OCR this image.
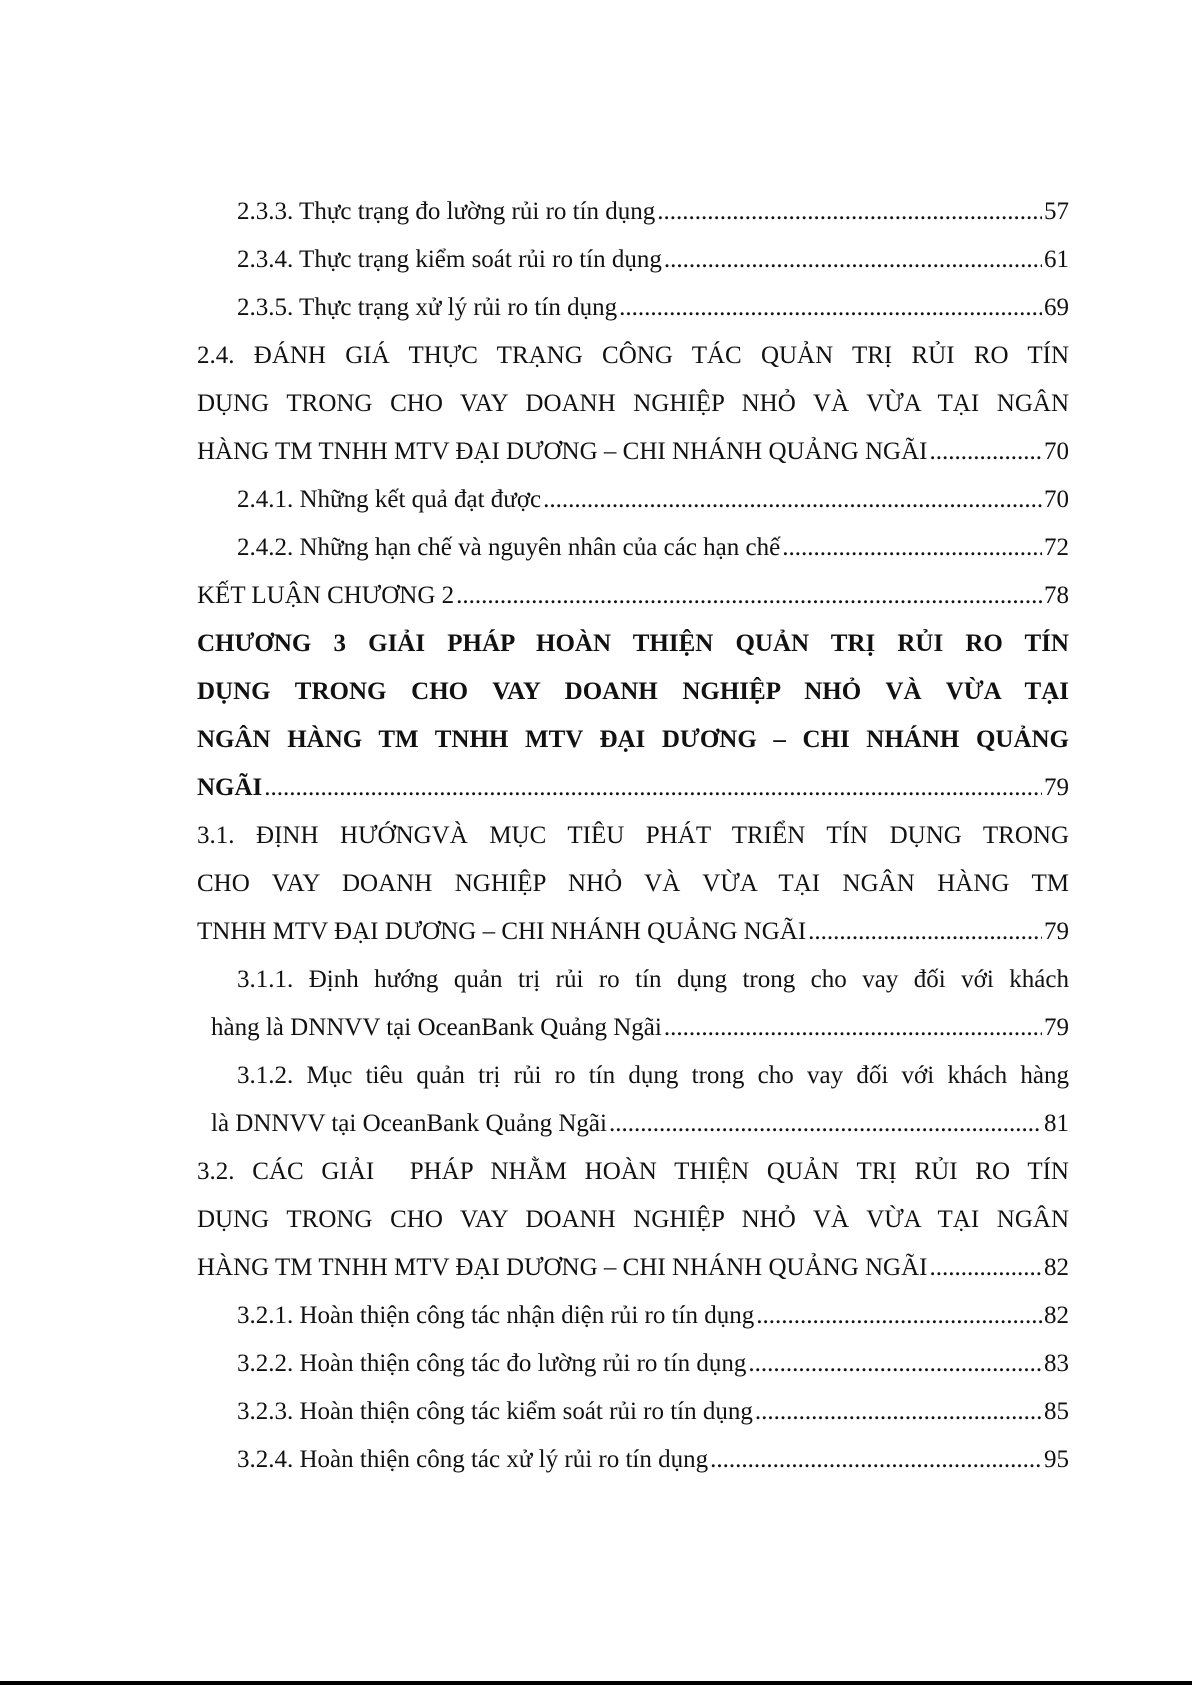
2.3.3. Thực trạng đo lường rủi ro tín dụng .....	57
2.3.4. Thực trạng kiểm soát rủi ro tín dụng .....	61
2.3.5. Thực trạng xử lý rủi ro tín dụng .....	69
2.4. ĐÁNH GIÁ THỰC TRẠNG CÔNG TÁC QUẢN TRỊ RỦI RO TÍN
DỤNG TRONG CHO VAY DOANH NGHIỆP NHỎ VÀ VỪA TẠI NGÂN
HÀNG TM TNHH MTV ĐẠI DƯƠNG – CHI NHÁNH QUẢNG NGÃI .....	70
2.4.1. Những kết quả đạt được .....	70
2.4.2. Những hạn chế và nguyên nhân của các hạn chế .....	72
KẾT LUẬN CHƯƠNG 2 .....	78
CHƯƠNG 3 GIẢI PHÁP HOÀN THIỆN QUẢN TRỊ RỦI RO TÍN
DỤNG TRONG CHO VAY DOANH NGHIỆP NHỎ VÀ VỪA TẠI
NGÂN HÀNG TM TNHH MTV ĐẠI DƯƠNG – CHI NHÁNH QUẢNG
NGÃI .....	79
3.1. ĐỊNH HƯỚNGVÀ MỤC TIÊU PHÁT TRIỂN TÍN DỤNG TRONG
CHO VAY DOANH NGHIỆP NHỎ VÀ VỪA TẠI NGÂN HÀNG TM
TNHH MTV ĐẠI DƯƠNG – CHI NHÁNH QUẢNG NGÃI .....	79
3.1.1. Định hướng quản trị rủi ro tín dụng trong cho vay đối với khách
hàng là DNNVV tại OceanBank Quảng Ngãi .....	79
3.1.2. Mục tiêu quản trị rủi ro tín dụng trong cho vay đối với khách hàng
là DNNVV tại OceanBank Quảng Ngãi .....	81
3.2. CÁC GIẢI  PHÁP NHẰM HOÀN THIỆN QUẢN TRỊ RỦI RO TÍN
DỤNG TRONG CHO VAY DOANH NGHIỆP NHỎ VÀ VỪA TẠI NGÂN
HÀNG TM TNHH MTV ĐẠI DƯƠNG – CHI NHÁNH QUẢNG NGÃI .....	82
3.2.1. Hoàn thiện công tác nhận diện rủi ro tín dụng .....	82
3.2.2. Hoàn thiện công tác đo lường rủi ro tín dụng .....	83
3.2.3. Hoàn thiện công tác kiểm soát rủi ro tín dụng .....	85
3.2.4. Hoàn thiện công tác xử lý rủi ro tín dụng .....	95
